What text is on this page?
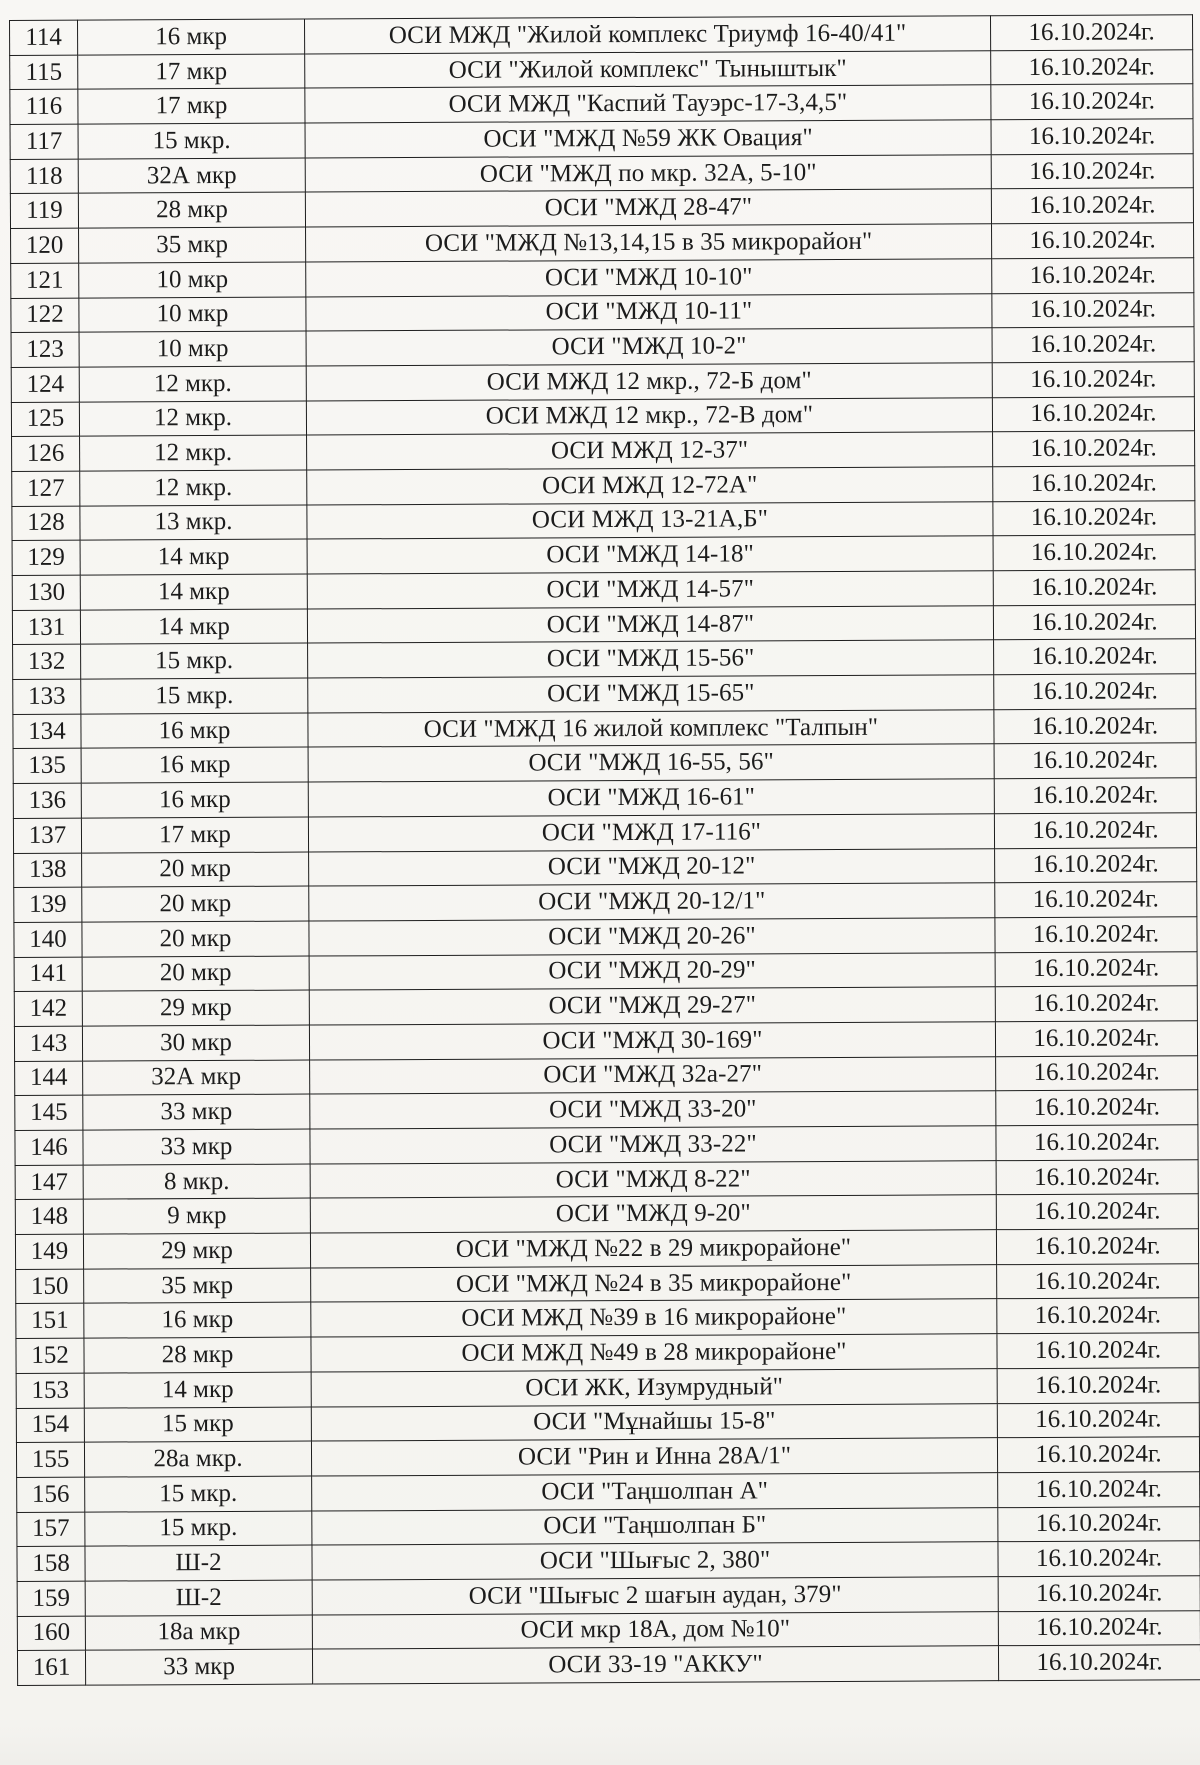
114	16 мкр	ОСИ МЖД "Жилой комплекс Триумф 16-40/41"	16.10.2024г.
115	17 мкр	ОСИ "Жилой комплекс" Тыныштык"	16.10.2024г.
116	17 мкр	ОСИ МЖД "Каспий Тауэрс-17-3,4,5"	16.10.2024г.
117	15 мкр.	ОСИ "МЖД №59 ЖК Овация"	16.10.2024г.
118	32А мкр	ОСИ "МЖД по мкр. 32А, 5-10"	16.10.2024г.
119	28 мкр	ОСИ "МЖД 28-47"	16.10.2024г.
120	35 мкр	ОСИ "МЖД №13,14,15 в 35 микрорайон"	16.10.2024г.
121	10 мкр	ОСИ "МЖД 10-10"	16.10.2024г.
122	10 мкр	ОСИ "МЖД 10-11"	16.10.2024г.
123	10 мкр	ОСИ "МЖД 10-2"	16.10.2024г.
124	12 мкр.	ОСИ МЖД 12 мкр., 72-Б дом"	16.10.2024г.
125	12 мкр.	ОСИ МЖД 12 мкр., 72-В дом"	16.10.2024г.
126	12 мкр.	ОСИ МЖД 12-37"	16.10.2024г.
127	12 мкр.	ОСИ МЖД 12-72А"	16.10.2024г.
128	13 мкр.	ОСИ МЖД 13-21А,Б"	16.10.2024г.
129	14 мкр	ОСИ "МЖД 14-18"	16.10.2024г.
130	14 мкр	ОСИ "МЖД 14-57"	16.10.2024г.
131	14 мкр	ОСИ "МЖД 14-87"	16.10.2024г.
132	15 мкр.	ОСИ "МЖД 15-56"	16.10.2024г.
133	15 мкр.	ОСИ "МЖД 15-65"	16.10.2024г.
134	16 мкр	ОСИ "МЖД 16 жилой комплекс "Талпын"	16.10.2024г.
135	16 мкр	ОСИ "МЖД 16-55, 56"	16.10.2024г.
136	16 мкр	ОСИ "МЖД 16-61"	16.10.2024г.
137	17 мкр	ОСИ "МЖД 17-116"	16.10.2024г.
138	20 мкр	ОСИ "МЖД 20-12"	16.10.2024г.
139	20 мкр	ОСИ "МЖД 20-12/1"	16.10.2024г.
140	20 мкр	ОСИ "МЖД 20-26"	16.10.2024г.
141	20 мкр	ОСИ "МЖД 20-29"	16.10.2024г.
142	29 мкр	ОСИ "МЖД 29-27"	16.10.2024г.
143	30 мкр	ОСИ "МЖД 30-169"	16.10.2024г.
144	32А мкр	ОСИ "МЖД 32а-27"	16.10.2024г.
145	33 мкр	ОСИ "МЖД 33-20"	16.10.2024г.
146	33 мкр	ОСИ "МЖД 33-22"	16.10.2024г.
147	8 мкр.	ОСИ "МЖД 8-22"	16.10.2024г.
148	9 мкр	ОСИ "МЖД 9-20"	16.10.2024г.
149	29 мкр	ОСИ "МЖД №22 в 29 микрорайоне"	16.10.2024г.
150	35 мкр	ОСИ "МЖД №24 в 35 микрорайоне"	16.10.2024г.
151	16 мкр	ОСИ МЖД №39 в 16 микрорайоне"	16.10.2024г.
152	28 мкр	ОСИ МЖД №49 в 28 микрорайоне"	16.10.2024г.
153	14 мкр	ОСИ ЖК, Изумрудный"	16.10.2024г.
154	15 мкр	ОСИ "Мұнайшы 15-8"	16.10.2024г.
155	28а мкр.	ОСИ "Рин и Инна 28А/1"	16.10.2024г.
156	15 мкр.	ОСИ "Таңшолпан А"	16.10.2024г.
157	15 мкр.	ОСИ "Таңшолпан Б"	16.10.2024г.
158	Ш-2	ОСИ "Шығыс 2, 380"	16.10.2024г.
159	Ш-2	ОСИ "Шығыс 2 шағын аудан, 379"	16.10.2024г.
160	18а мкр	ОСИ мкр 18А, дом №10"	16.10.2024г.
161	33 мкр	ОСИ 33-19 "АККУ"	16.10.2024г.
